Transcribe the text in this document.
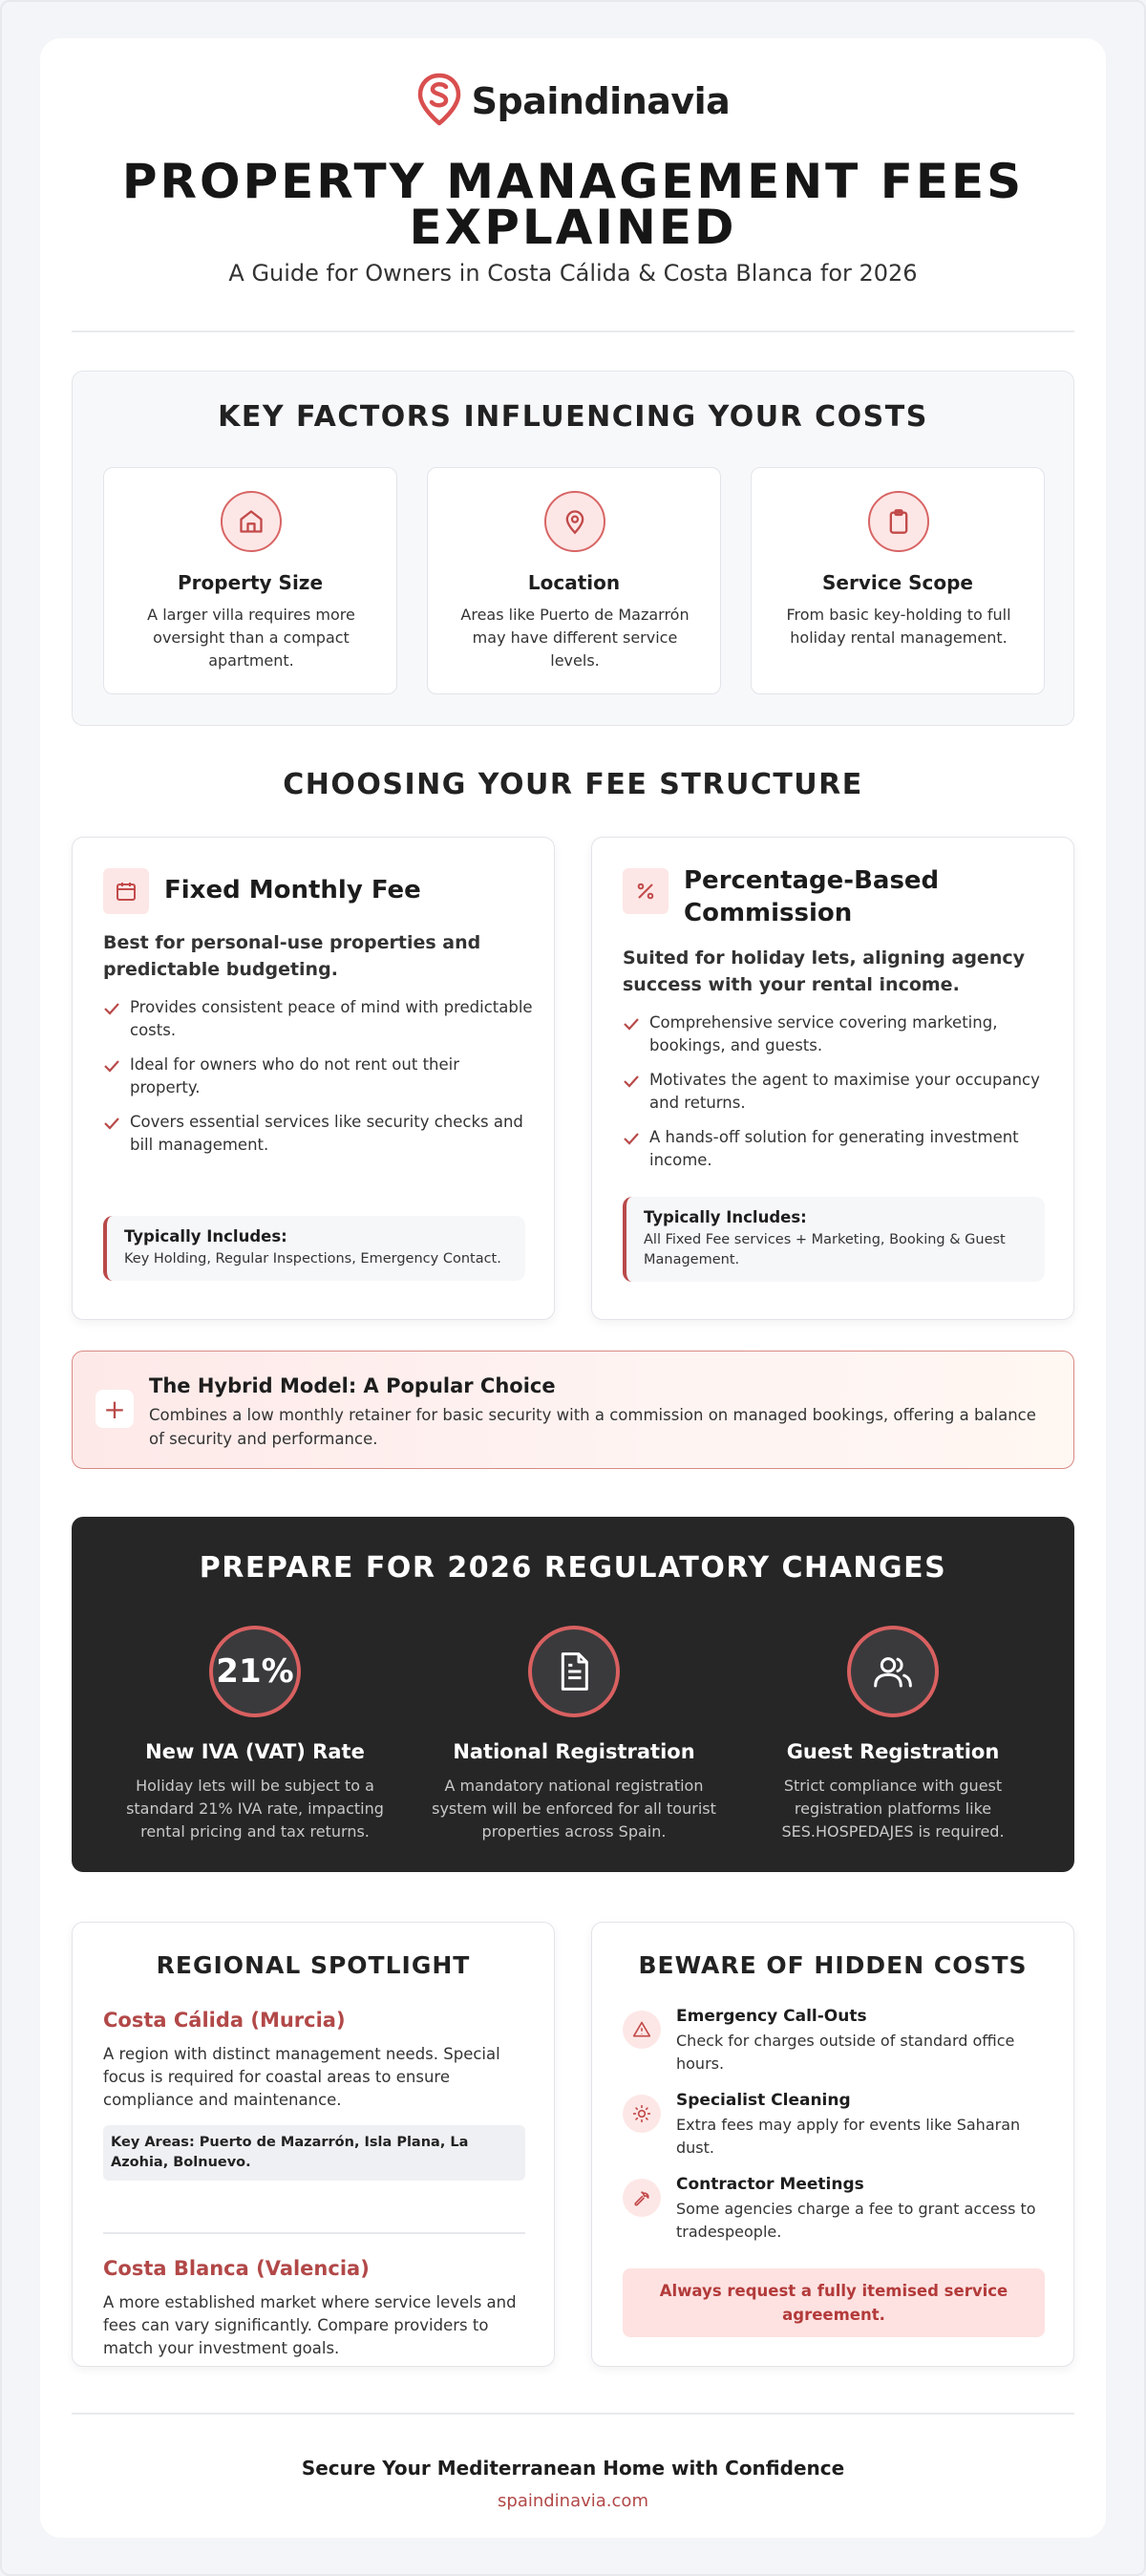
Spaindinavia
PROPERTY MANAGEMENT FEES EXPLAINED
A Guide for Owners in Costa Cálida & Costa Blanca for 2026
KEY FACTORS INFLUENCING YOUR COSTS
Property Size
A larger villa requires more oversight than a compact apartment.
Location
Areas like Puerto de Mazarrón may have different service levels.
Service Scope
From basic key-holding to full holiday rental management.
CHOOSING YOUR FEE STRUCTURE
Fixed Monthly Fee
Best for personal-use properties and predictable budgeting.
Provides consistent peace of mind with predictable costs.
Ideal for owners who do not rent out their property.
Covers essential services like security checks and bill management.
Typically Includes:
Key Holding, Regular Inspections, Emergency Contact.
Percentage-Based Commission
Suited for holiday lets, aligning agency success with your rental income.
Comprehensive service covering marketing, bookings, and guests.
Motivates the agent to maximise your occupancy and returns.
A hands-off solution for generating investment income.
Typically Includes:
All Fixed Fee services + Marketing, Booking & Guest Management.
+
The Hybrid Model: A Popular Choice
Combines a low monthly retainer for basic security with a commission on managed bookings, offering a balance of security and performance.
PREPARE FOR 2026 REGULATORY CHANGES
21%
New IVA (VAT) Rate
Holiday lets will be subject to a standard 21% IVA rate, impacting rental pricing and tax returns.
National Registration
A mandatory national registration system will be enforced for all tourist properties across Spain.
Guest Registration
Strict compliance with guest registration platforms like SES.HOSPEDAJES is required.
REGIONAL SPOTLIGHT
Costa Cálida (Murcia)
A region with distinct management needs. Special focus is required for coastal areas to ensure compliance and maintenance.
Key Areas: Puerto de Mazarrón, Isla Plana, La Azohia, Bolnuevo.
Costa Blanca (Valencia)
A more established market where service levels and fees can vary significantly. Compare providers to match your investment goals.
BEWARE OF HIDDEN COSTS
Emergency Call-Outs
Check for charges outside of standard office hours.
Specialist Cleaning
Extra fees may apply for events like Saharan dust.
Contractor Meetings
Some agencies charge a fee to grant access to tradespeople.
Always request a fully itemised service agreement.
Secure Your Mediterranean Home with Confidence
spaindinavia.com
